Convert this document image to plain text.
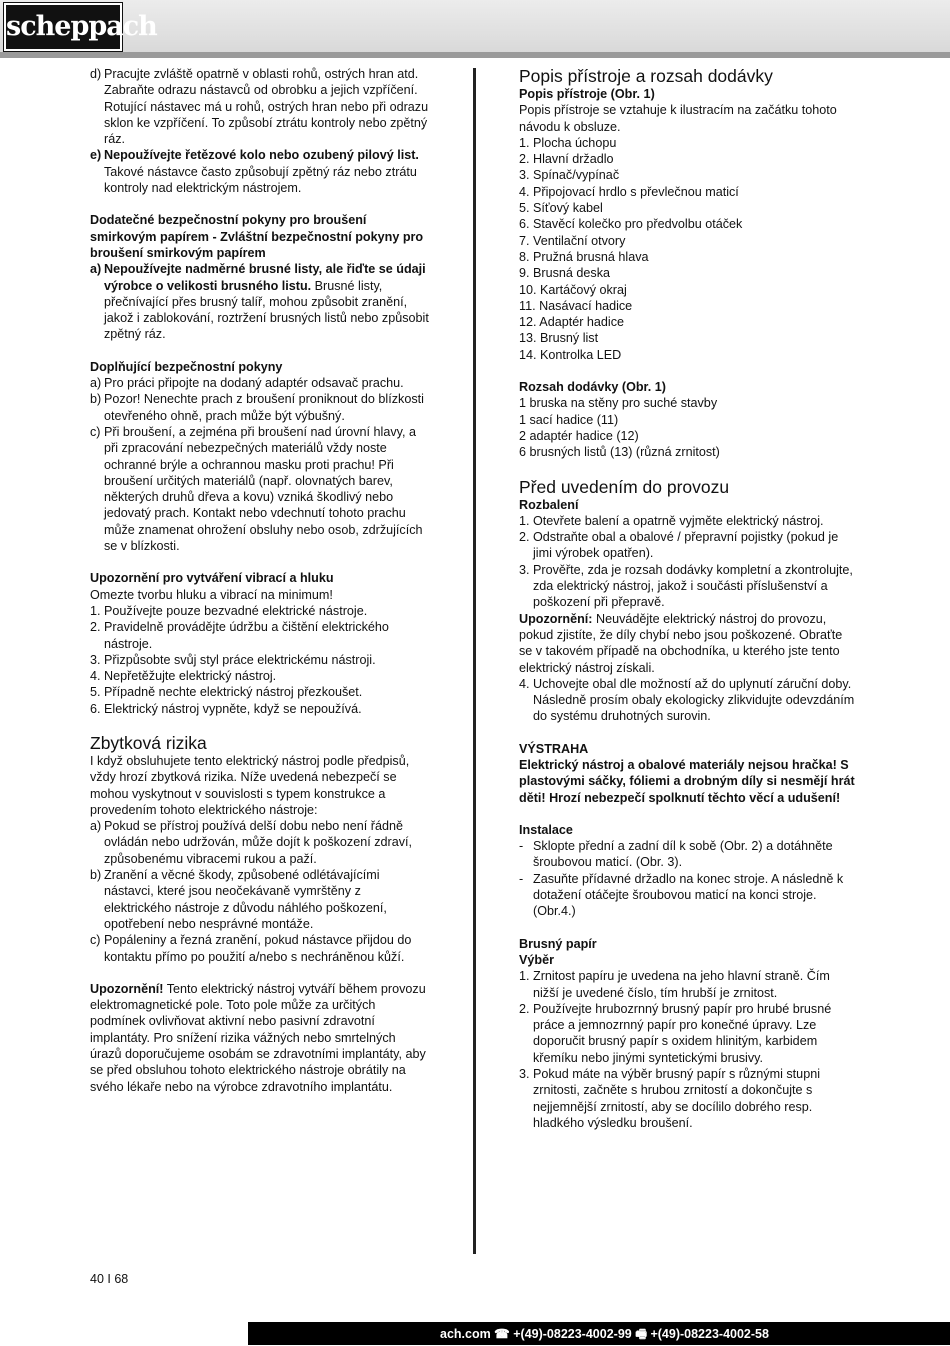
scheppach
d) Pracujte zvláště opatrně v oblasti rohů, ostrých hran atd. Zabraňte odrazu nástavců od obrobku a jejich vzpříčení. Rotující nástavec má u rohů, ostrých hran nebo při odrazu sklon ke vzpříčení. To způsobí ztrátu kontroly nebo zpětný ráz.
e) Nepoužívejte řetězové kolo nebo ozubený pilový list. Takové nástavce často způsobují zpětný ráz nebo ztrátu kontroly nad elektrickým nástrojem.

Dodatečné bezpečnostní pokyny pro broušení smirkovým papírem - Zvláštní bezpečnostní pokyny pro broušení smirkovým papírem

a) Nepoužívejte nadměrné brusné listy, ale řiďte se údaji výrobce o velikosti brusného listu. Brusné listy, přečnívající přes brusný talíř, mohou způsobit zranění, jakož i zablokování, roztržení brusných listů nebo způsobit zpětný ráz.

Doplňující bezpečnostní pokyny

a) Pro práci připojte na dodaný adaptér odsavač prachu.
b) Pozor! Nenechte prach z broušení proniknout do blízkosti otevřeného ohně, prach může být výbušný.
c) Při broušení, a zejména při broušení nad úrovní hlavy, a při zpracování nebezpečných materiálů vždy noste ochranné brýle a ochrannou masku proti prachu! Při broušení určitých materiálů (např. olovnatých barev, některých druhů dřeva a kovu) vzniká škodlivý nebo jedovatý prach. Kontakt nebo vdechnutí tohoto prachu může znamenat ohrožení obsluhy nebo osob, zdržujících se v blízkosti.

Upozornění pro vytváření vibrací a hluku

Omezte tvorbu hluku a vibrací na minimum!

1. Používejte pouze bezvadné elektrické nástroje.
2. Pravidelně provádějte údržbu a čištění elektrického nástroje.
3. Přizpůsobte svůj styl práce elektrickému nástroji.
4. Nepřetěžujte elektrický nástroj.
5. Případně nechte elektrický nástroj přezkoušet.
6. Elektrický nástroj vypněte, když se nepoužívá.

Zbytková rizika

I když obsluhujete tento elektrický nástroj podle předpisů, vždy hrozí zbytková rizika. Níže uvedená nebezpečí se mohou vyskytnout v souvislosti s typem konstrukce a provedením tohoto elektrického nástroje:

a) Pokud se přístroj používá delší dobu nebo není řádně ovládán nebo udržován, může dojít k poškození zdraví, způsobenému vibracemi rukou a paží.
b) Zranění a věcné škody, způsobené odlétávajícími nástavci, které jsou neočekávaně vymrštěny z elektrického nástroje z důvodu náhlého poškození, opotřebení nebo nesprávné montáže.
c) Popáleniny a řezná zranění, pokud nástavce přijdou do kontaktu přímo po použití a/nebo s nechráněnou kůží.

Upozornění! Tento elektrický nástroj vytváří během provozu elektromagnetické pole. Toto pole může za určitých podmínek ovlivňovat aktivní nebo pasivní zdravotní implantáty. Pro snížení rizika vážných nebo smrtelných úrazů doporučujeme osobám se zdravotními implantáty, aby se před obsluhou tohoto elektrického nástroje obrátily na svého lékaře nebo na výrobce zdravotního implantátu.

Popis přístroje a rozsah dodávky

Popis přístroje (Obr. 1)

Popis přístroje se vztahuje k ilustracím na začátku tohoto návodu k obsluze.

1. Plocha úchopu

2. Hlavní držadlo

3. Spínač/vypínač

4. Připojovací hrdlo s převlečnou maticí

5. Síťový kabel

6. Stavěcí kolečko pro předvolbu otáček

7. Ventilační otvory

8. Pružná brusná hlava

9. Brusná deska

10. Kartáčový okraj

11. Nasávací hadice

12. Adaptér hadice

13. Brusný list

14. Kontrolka LED

Rozsah dodávky (Obr. 1)

1 bruska na stěny pro suché stavby

1 sací hadice (11)

2 adaptér hadice (12)

6 brusných listů (13) (různá zrnitost)

Před uvedením do provozu

Rozbalení

1. Otevřete balení a opatrně vyjměte elektrický nástroj.
2. Odstraňte obal a obalové / přepravní pojistky (pokud je jimi výrobek opatřen).
3. Prověřte, zda je rozsah dodávky kompletní a zkontrolujte, zda elektrický nástroj, jakož i součásti příslušenství a poškození při přepravě.

Upozornění: Neuvádějte elektrický nástroj do provozu, pokud zjistíte, že díly chybí nebo jsou poškozené. Obraťte se v takovém případě na obchodníka, u kterého jste tento elektrický nástroj získali.

4. Uchovejte obal dle možností až do uplynutí záruční doby. Následně prosím obaly ekologicky zlikvidujte odevzdáním do systému druhotných surovin.

VÝSTRAHA

Elektrický nástroj a obalové materiály nejsou hračka! S plastovými sáčky, fóliemi a drobným díly si nesmějí hrát děti! Hrozí nebezpečí spolknutí těchto věcí a udušení!

Instalace

- Sklopte přední a zadní díl k sobě (Obr. 2) a dotáhněte šroubovou maticí. (Obr. 3).
- Zasuňte přídavné držadlo na konec stroje. A následně k dotažení otáčejte šroubovou maticí na konci stroje. (Obr.4.)

Brusný papír

Výběr

1. Zrnitost papíru je uvedena na jeho hlavní straně. Čím nižší je uvedené číslo, tím hrubší je zrnitost.
2. Používejte hrubozrnný brusný papír pro hrubé brusné práce a jemnozrnný papír pro konečné úpravy. Lze doporučit brusný papír s oxidem hlinitým, karbidem křemíku nebo jinými syntetickými brusivy.
3. Pokud máte na výběr brusný papír s různými stupni zrnitosti, začněte s hrubou zrnitostí a dokončujte s nejjemnější zrnitostí, aby se docílilo dobrého resp. hladkého výsledku broušení.
40 I 68
ach.com ☎ +(49)-08223-4002-99 🖷 +(49)-08223-4002-58
